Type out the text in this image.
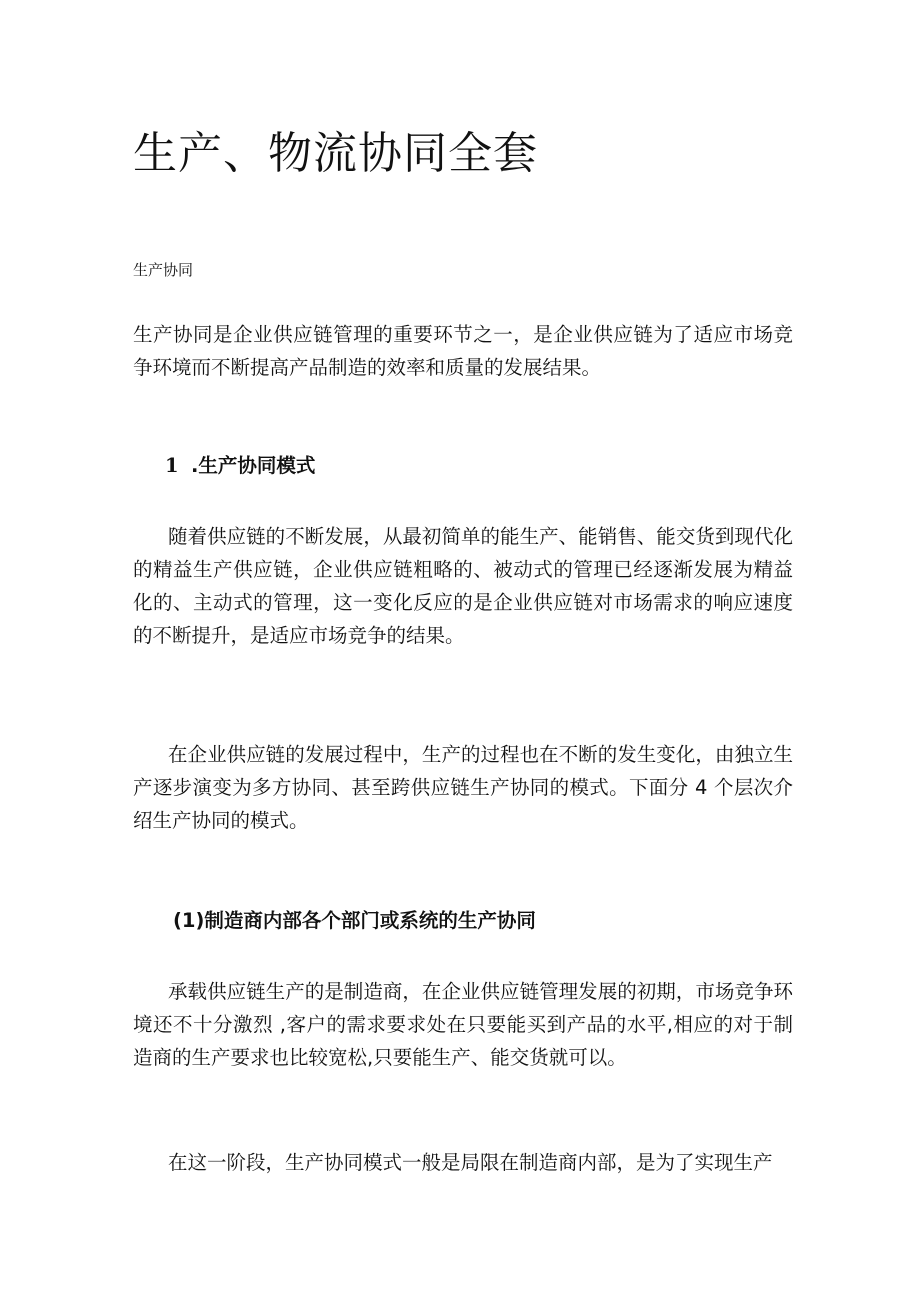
生产、物流协同全套

生产协同

生产协同是企业供应链管理的重要环节之一，是企业供应链为了适应市场竞争环境而不断提高产品制造的效率和质量的发展结果。

1 .生产协同模式

随着供应链的不断发展，从最初简单的能生产、能销售、能交货到现代化的精益生产供应链，企业供应链粗略的、被动式的管理已经逐渐发展为精益化的、主动式的管理，这一变化反应的是企业供应链对市场需求的响应速度的不断提升，是适应市场竞争的结果。

在企业供应链的发展过程中，生产的过程也在不断的发生变化，由独立生产逐步演变为多方协同、甚至跨供应链生产协同的模式。下面分 4 个层次介绍生产协同的模式。

(1)制造商内部各个部门或系统的生产协同

承载供应链生产的是制造商，在企业供应链管理发展的初期，市场竞争环境还不十分激烈 ,客户的需求要求处在只要能买到产品的水平,相应的对于制造商的生产要求也比较宽松,只要能生产、能交货就可以。

在这一阶段，生产协同模式一般是局限在制造商内部，是为了实现生产
